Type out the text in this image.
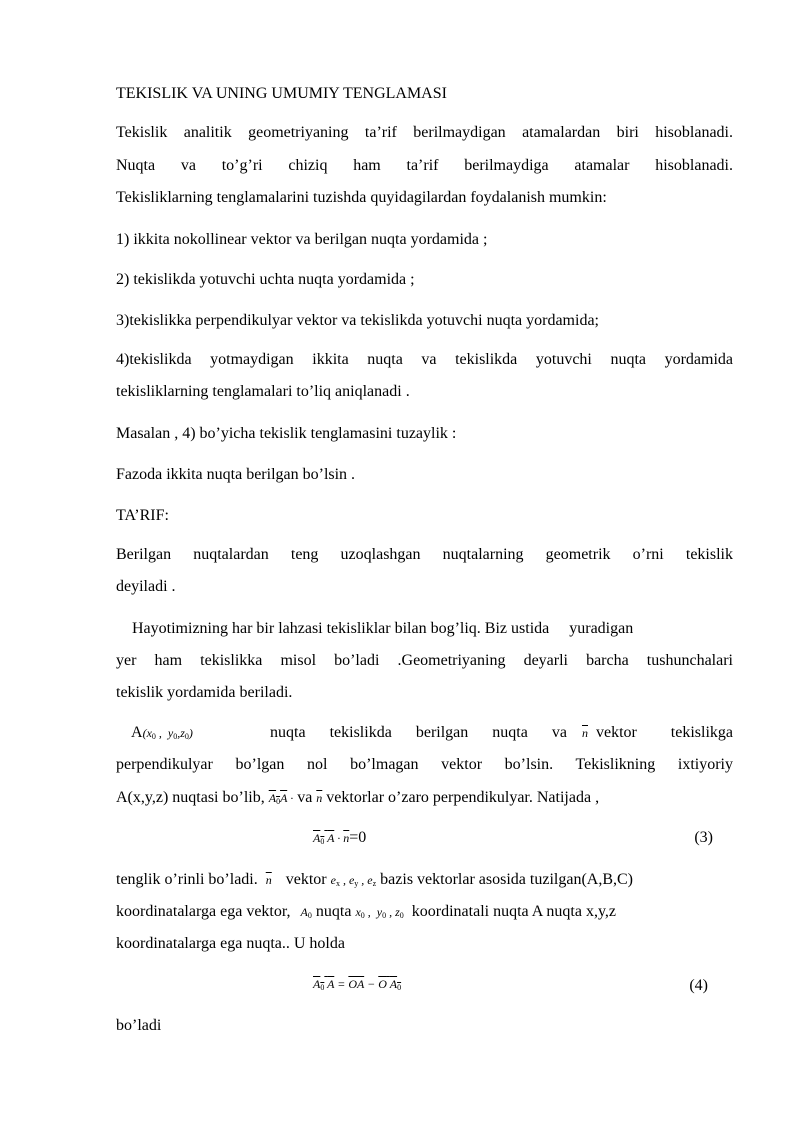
TEKISLIK VA UNING UMUMIY TENGLAMASI
Tekislik analitik geometriyaning ta’rif berilmaydigan atamalardan biri hisoblanadi.
Nuqta va to’g’ri chiziq ham ta’rif berilmaydiga atamalar hisoblanadi.
Tekisliklarning tenglamalarini tuzishda quyidagilardan foydalanish mumkin:
1) ikkita nokollinear vektor va berilgan nuqta yordamida ;
2) tekislikda yotuvchi uchta nuqta yordamida ;
3)tekislikka perpendikulyar vektor va tekislikda yotuvchi nuqta yordamida;
4)tekislikda yotmaydigan ikkita nuqta va tekislikda yotuvchi nuqta yordamida
tekisliklarning tenglamalari to’liq aniqlanadi .
Masalan , 4) bo’yicha tekislik tenglamasini tuzaylik :
Fazoda ikkita nuqta berilgan bo’lsin .
TA’RIF:
Berilgan nuqtalardan teng uzoqlashgan nuqtalarning geometrik o’rni tekislik
deyiladi .
Hayotimizning har bir lahzasi tekisliklar bilan bog’liq. Biz ustida     yuradigan
yer ham tekislikka misol bo’ladi .Geometriyaning deyarli barcha tushunchalari
tekislik yordamida beriladi.
$A(x_0$ ,  $y_0,z_0$)	nuqta tekislikda berilgan nuqta va $\overline{n}$ vektor tekislikga
perpendikulyar bo’lgan nol bo’lmagan vektor bo’lsin. Tekislikning ixtiyoriy
A(x,y,z) nuqtasi bo’lib, $A_0A$ · va $\overline{n}$ vektorlar o’zaro perpendikulyar. Natijada ,
$A_0$ $A \cdot \overline{n}=0$	(3)
tenglik o’rinli bo’ladi. $\overline{n}$ vektor $e_x$ , $e_y$ , $e_z$ bazis vektorlar asosida tuzilgan(A,B,C)
koordinatalarga ega vektor, $A_0$ nuqta $x_0$ ,  $y_0$ , $z_0$ koordinatali nuqta A nuqta x,y,z
koordinatalarga ega nuqta.. U holda
$A_0$ $A = \overline{OA} - O$ $A_0$	(4)
bo’ladi
